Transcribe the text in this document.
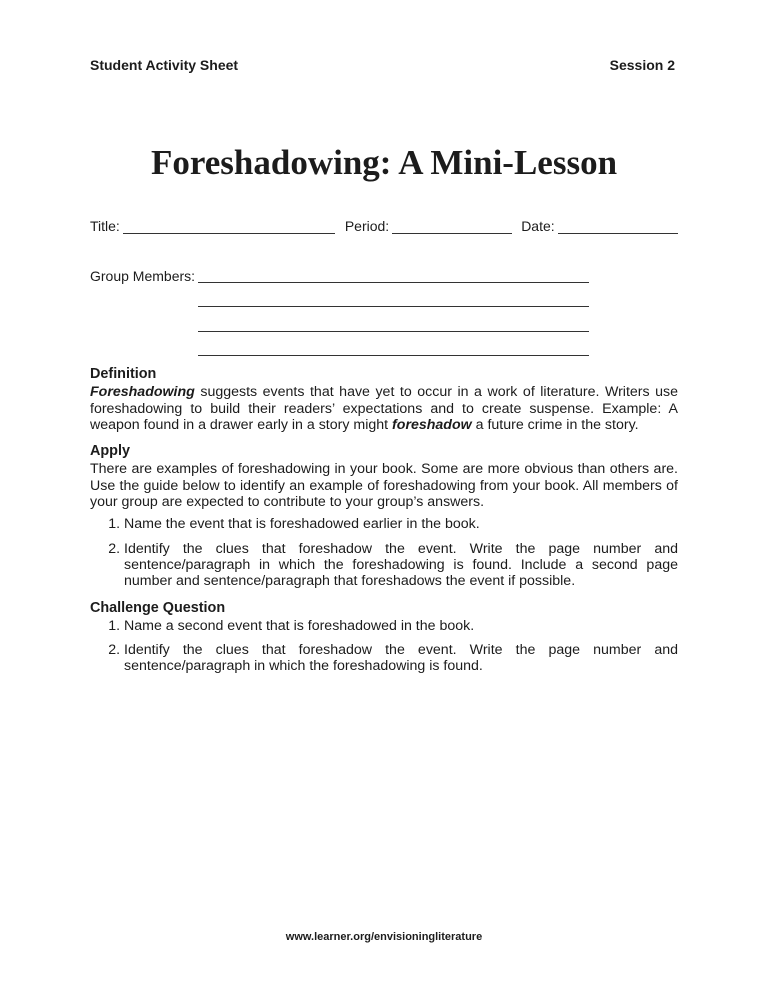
Student Activity Sheet	Session 2
Foreshadowing: A Mini-Lesson
Title:	Period:	Date:
Group Members:
Definition

Foreshadowing suggests events that have yet to occur in a work of literature. Writers use foreshadowing to build their readers’ expectations and to create suspense. Example: A weapon found in a drawer early in a story might foreshadow a future crime in the story.

Apply

There are examples of foreshadowing in your book. Some are more obvious than others are. Use the guide below to identify an example of foreshadowing from your book. All members of your group are expected to contribute to your group’s answers.

1. Name the event that is foreshadowed earlier in the book.
2. Identify the clues that foreshadow the event. Write the page number and sentence/paragraph in which the foreshadowing is found. Include a second page number and sentence/paragraph that foreshadows the event if possible.
Challenge Question
1. Name a second event that is foreshadowed in the book.
2. Identify the clues that foreshadow the event. Write the page number and sentence/paragraph in which the foreshadowing is found.
www.learner.org/envisioningliterature
